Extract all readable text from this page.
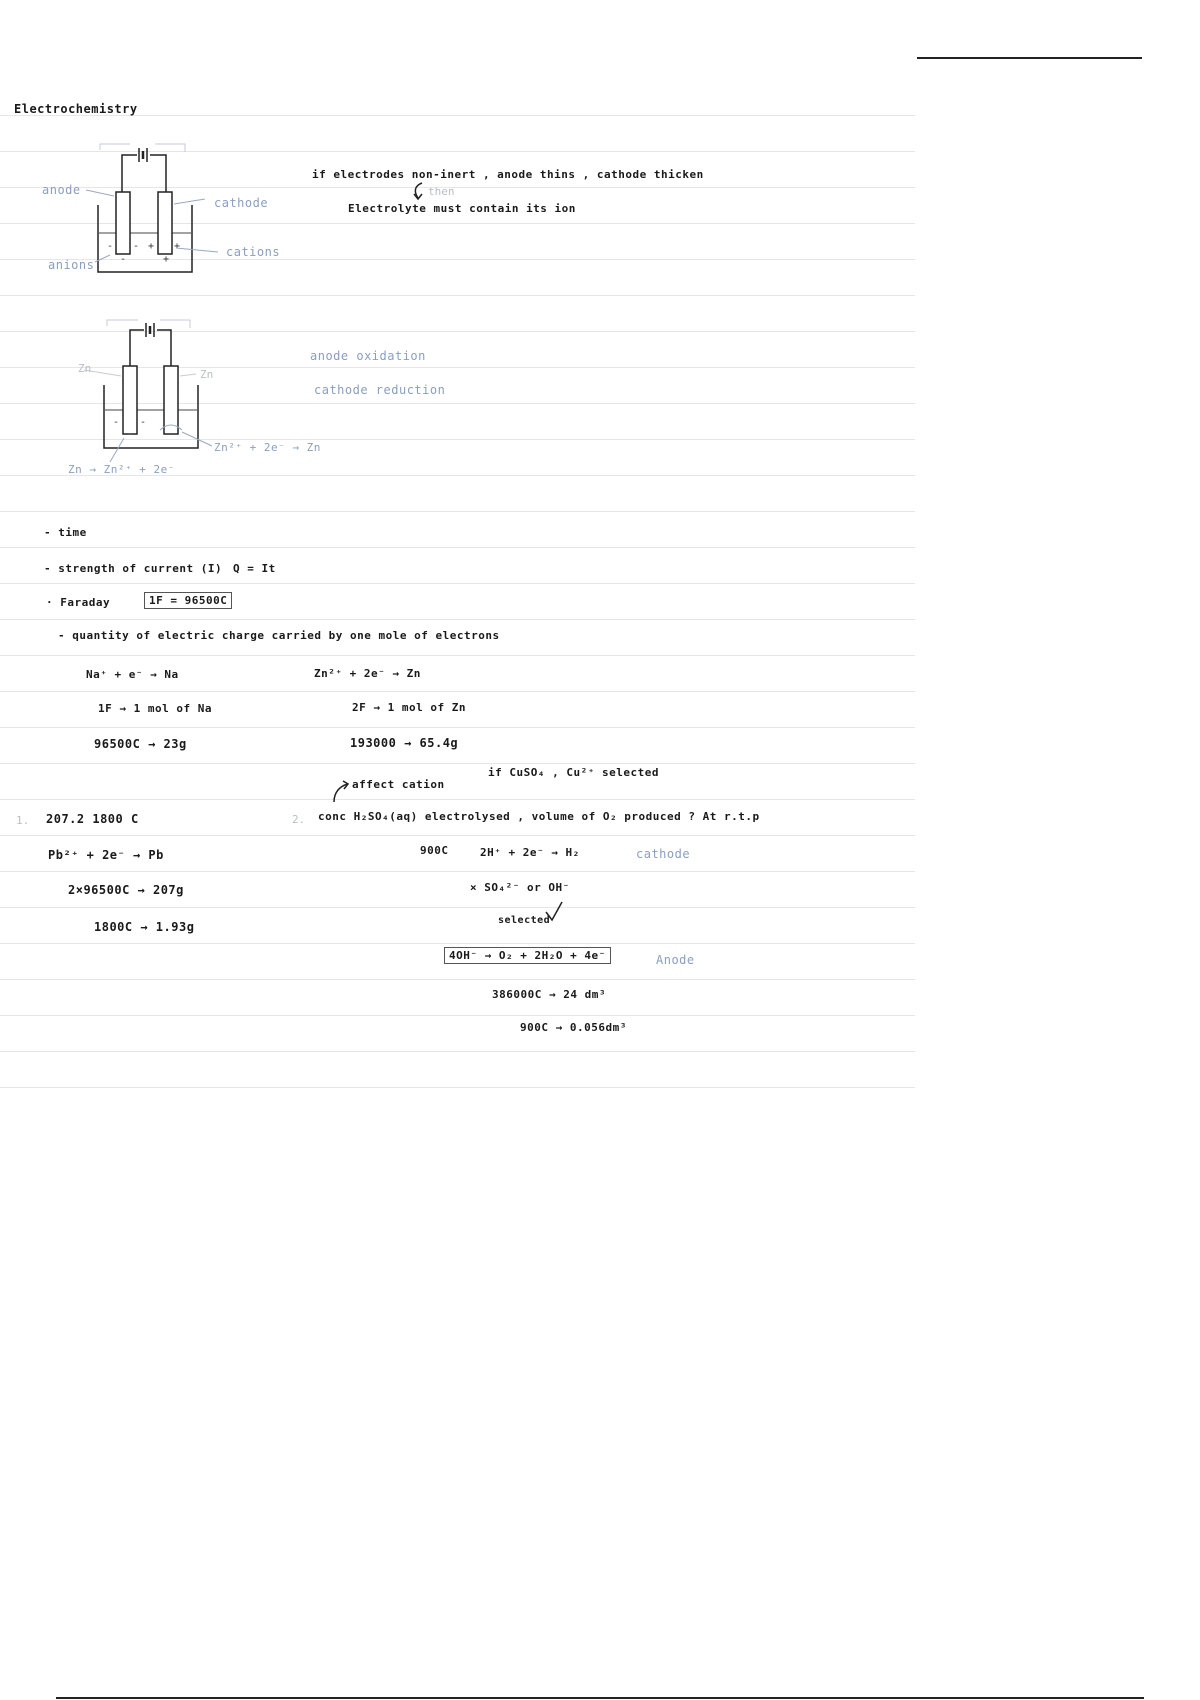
Electrochemistry
- - + +
-	+
anode
cathode
anions
cations
if electrodes non-inert , anode thins , cathode thicken
then
Electrolyte must contain its ion
- -
-
Zn	Zn
Zn²⁺ + 2e⁻ → Zn
Zn → Zn²⁺ + 2e⁻
anode oxidation
cathode reduction
- time
- strength of current (I) Q = It
· Faraday	1F = 96500C
- quantity of electric charge carried by one mole of electrons
Na⁺ + e⁻ → Na
1F → 1 mol of Na
96500C → 23g
Zn²⁺ + 2e⁻ → Zn
2F → 1 mol of Zn
193000 → 65.4g
if CuSO₄ , Cu²⁺ selected
affect cation
1. 207.2 1800 C
Pb²⁺ + 2e⁻ → Pb
2×96500C → 207g
1800C → 1.93g
2. conc H₂SO₄(aq) electrolysed , volume of O₂ produced ? At r.t.p
900C	2H⁺ + 2e⁻ → H₂	cathode
× SO₄²⁻ or OH⁻
selected
4OH⁻ → O₂ + 2H₂O + 4e⁻	Anode
386000C → 24 dm³
900C → 0.056dm³
